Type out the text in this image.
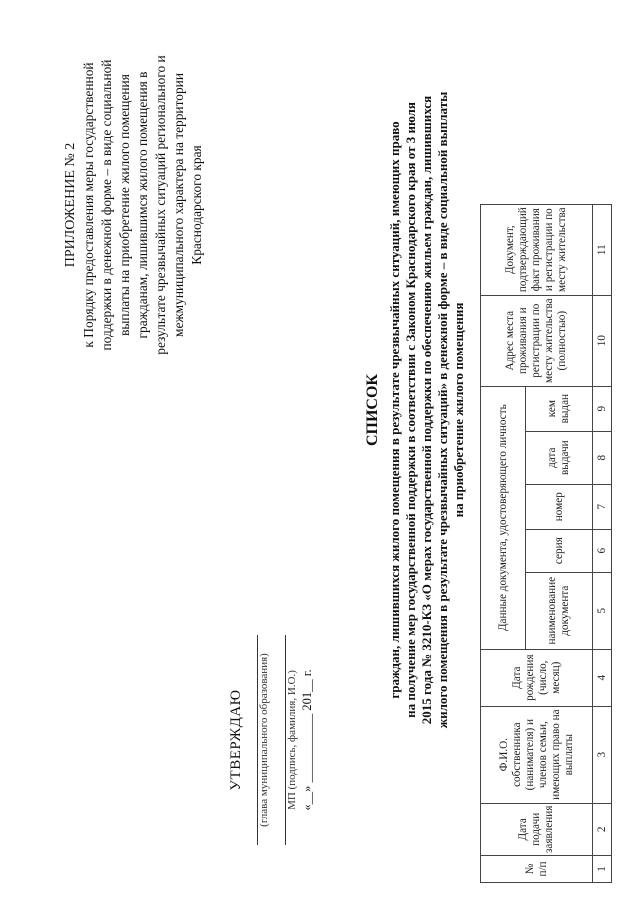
ПРИЛОЖЕНИЕ № 2 к Порядку предоставления меры государственной поддержки в денежной форме – в виде социальной выплаты на приобретение жилого помещения гражданам, лишившимся жилого помещения в результате чрезвычайных ситуаций регионального и межмуниципального характера на территории Краснодарского края
УТВЕРЖДАЮ (глава муниципального образования) МП (подпись, фамилия, И.О.) «__» ___________ 201__ г.
СПИСОК граждан, лишившихся жилого помещения в результате чрезвычайных ситуаций, имеющих право на получение мер государственной поддержки в соответствии с Законом Краснодарского края от 3 июля 2015 года № 3210-КЗ «О мерах государственной поддержки по обеспечению жильем граждан, лишившихся жилого помещения в результате чрезвычайных ситуаций» в денежной форме – в виде социальной выплаты на приобретение жилого помещения
№ п/п	Дата подачи заявления	Ф.И.О. собственника (нанимателя) и членов семьи, имеющих право на выплаты	Дата рождения (число, месяц)	Данные документа, удостоверяющего личность					Адрес места проживания и регистрации по месту жительства (полностью)	Документ, подтверждающий факт проживания и регистрации по месту жительства
				наименование документа	серия	номер	дата выдачи	кем выдан		
1	2	3	4	5	6	7	8	9	10	11
